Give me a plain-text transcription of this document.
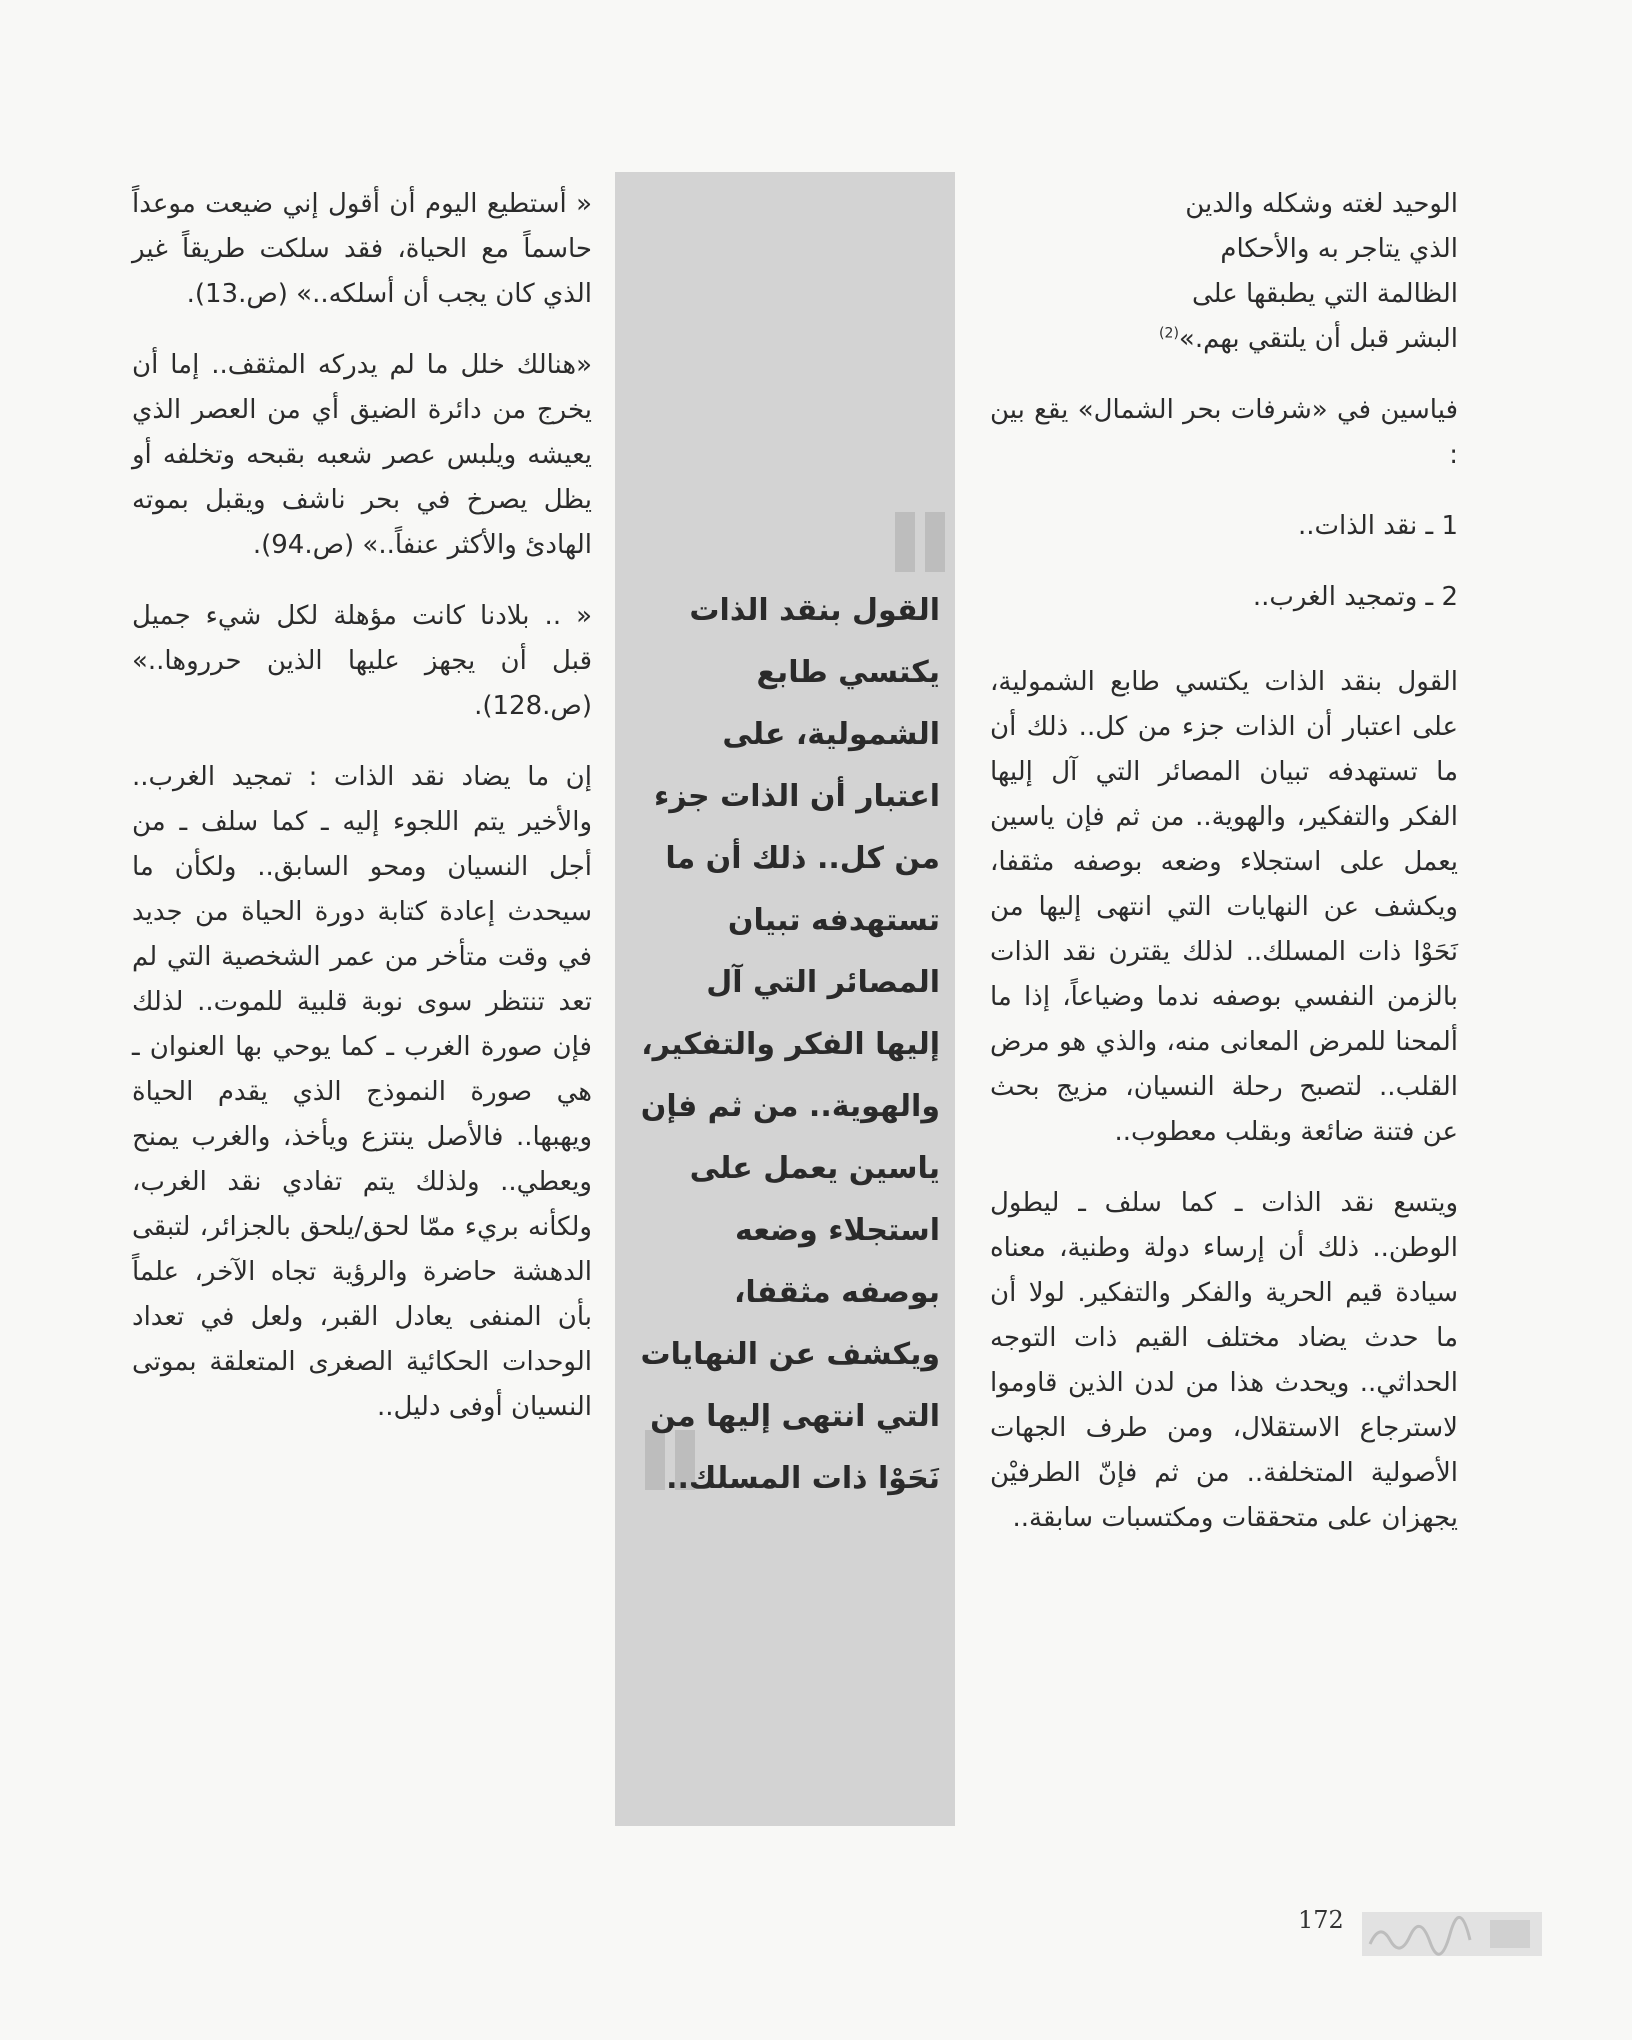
الوحيد لغته وشكله والدين
الذي يتاجر به والأحكام
الظالمة التي يطبقها على
البشر قبل أن يلتقي بهم.»$^{(2)}$

فياسين في «شرفات بحر الشمال» يقع بين :

1 ـ نقد الذات..

2 ـ وتمجيد الغرب..

القول بنقد الذات يكتسي طابع الشمولية، على اعتبار أن الذات جزء من كل.. ذلك أن ما تستهدفه تبيان المصائر التي آل إليها الفكر والتفكير، والهوية.. من ثم فإن ياسين يعمل على استجلاء وضعه بوصفه مثقفا، ويكشف عن النهايات التي انتهى إليها من نَحَوْا ذات المسلك.. لذلك يقترن نقد الذات بالزمن النفسي بوصفه ندما وضياعاً، إذا ما ألمحنا للمرض المعانى منه، والذي هو مرض القلب.. لتصبح رحلة النسيان، مزيج بحث عن فتنة ضائعة وبقلب معطوب..

ويتسع نقد الذات ـ كما سلف ـ ليطول الوطن.. ذلك أن إرساء دولة وطنية، معناه سيادة قيم الحرية والفكر والتفكير. لولا أن ما حدث يضاد مختلف القيم ذات التوجه الحداثي.. ويحدث هذا من لدن الذين قاوموا لاسترجاع الاستقلال، ومن طرف الجهات الأصولية المتخلفة.. من ثم فإنّ الطرفيْن يجهزان على متحققات ومكتسبات سابقة..

القول بنقد الذات يكتسي طابع الشمولية، على اعتبار أن الذات جزء من كل.. ذلك أن ما تستهدفه تبيان المصائر التي آل إليها الفكر والتفكير، والهوية.. من ثم فإن ياسين يعمل على استجلاء وضعه بوصفه مثقفا، ويكشف عن النهايات التي انتهى إليها من نَحَوْا ذات المسلك..

« أستطيع اليوم أن أقول إني ضيعت موعداً حاسماً مع الحياة، فقد سلكت طريقاً غير الذي كان يجب أن أسلكه..» (ص.13).

«هنالك خلل ما لم يدركه المثقف.. إما أن يخرج من دائرة الضيق أي من العصر الذي يعيشه ويلبس عصر شعبه بقبحه وتخلفه أو يظل يصرخ في بحر ناشف ويقبل بموته الهادئ والأكثر عنفاً..» (ص.94).

« .. بلادنا كانت مؤهلة لكل شيء جميل قبل أن يجهز عليها الذين حرروها..» (ص.128).

إن ما يضاد نقد الذات : تمجيد الغرب.. والأخير يتم اللجوء إليه ـ كما سلف ـ من أجل النسيان ومحو السابق.. ولكأن ما سيحدث إعادة كتابة دورة الحياة من جديد في وقت متأخر من عمر الشخصية التي لم تعد تنتظر سوى نوبة قلبية للموت.. لذلك فإن صورة الغرب ـ كما يوحي بها العنوان ـ هي صورة النموذج الذي يقدم الحياة ويهبها.. فالأصل ينتزع ويأخذ، والغرب يمنح ويعطي.. ولذلك يتم تفادي نقد الغرب، ولكأنه بريء ممّا لحق/يلحق بالجزائر، لتبقى الدهشة حاضرة والرؤية تجاه الآخر، علماً بأن المنفى يعادل القبر، ولعل في تعداد الوحدات الحكائية الصغرى المتعلقة بموتى النسيان أوفى دليل..

172
